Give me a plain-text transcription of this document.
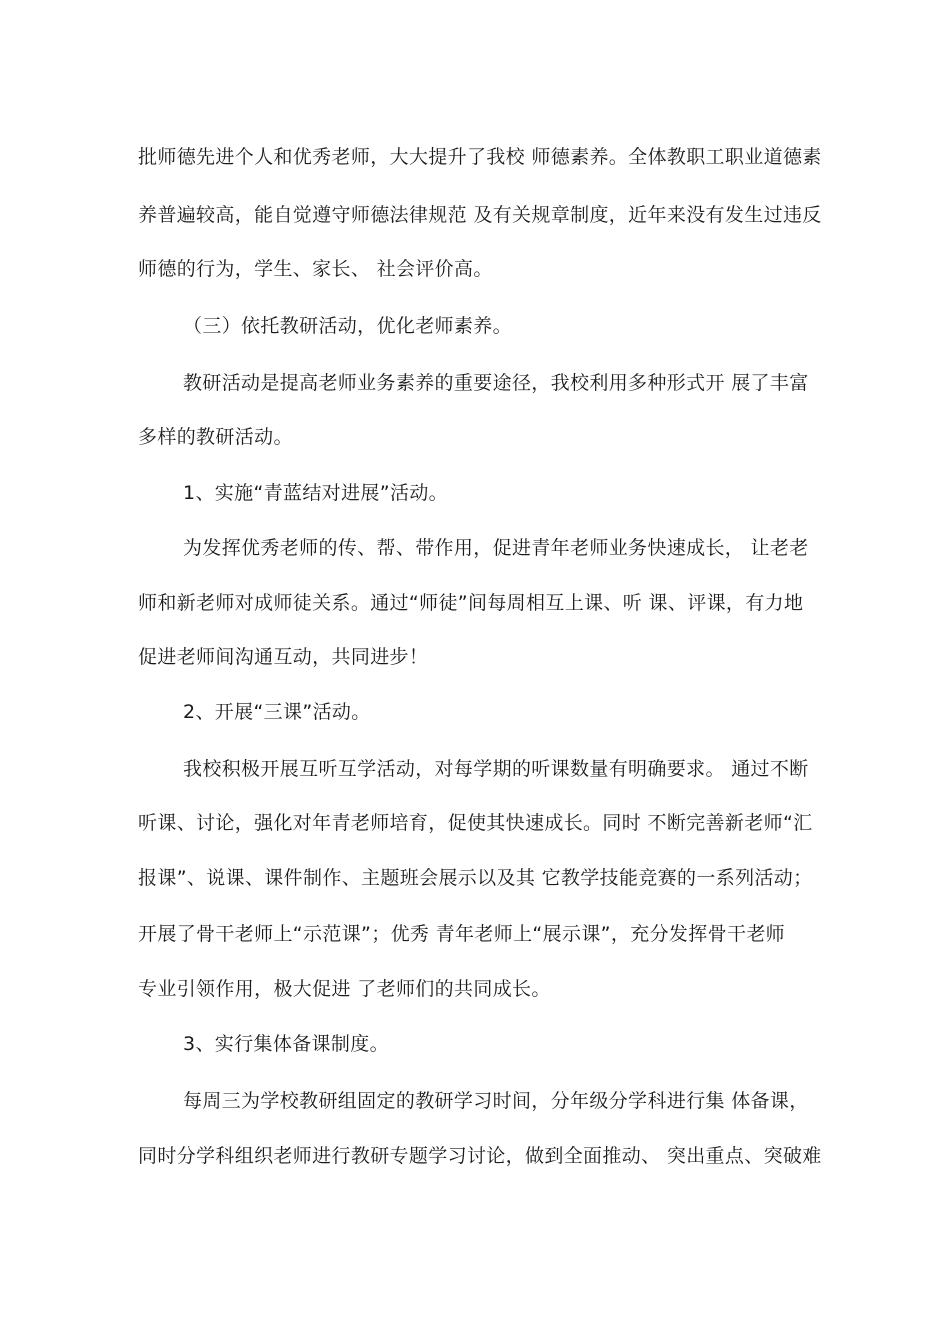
批师德先进个人和优秀老师，大大提升了我校 师德素养。全体教职工职业道德素
养普遍较高，能自觉遵守师德法律规范 及有关规章制度，近年来没有发生过违反
师德的行为，学生、家长、 社会评价高。
（三）依托教研活动，优化老师素养。
教研活动是提高老师业务素养的重要途径，我校利用多种形式开 展了丰富
多样的教研活动。
1、实施“青蓝结对进展”活动。
为发挥优秀老师的传、帮、带作用，促进青年老师业务快速成长， 让老老
师和新老师对成师徒关系。通过“师徒”间每周相互上课、听 课、评课，有力地
促进老师间沟通互动，共同进步！
2、开展“三课”活动。
我校积极开展互听互学活动，对每学期的听课数量有明确要求。 通过不断
听课、讨论，强化对年青老师培育，促使其快速成长。同时 不断完善新老师“汇
报课”、说课、课件制作、主题班会展示以及其 它教学技能竞赛的一系列活动；
开展了骨干老师上“示范课”；优秀 青年老师上“展示课”，充分发挥骨干老师
专业引领作用，极大促进 了老师们的共同成长。
3、实行集体备课制度。
每周三为学校教研组固定的教研学习时间，分年级分学科进行集 体备课，
同时分学科组织老师进行教研专题学习讨论，做到全面推动、 突出重点、突破难
